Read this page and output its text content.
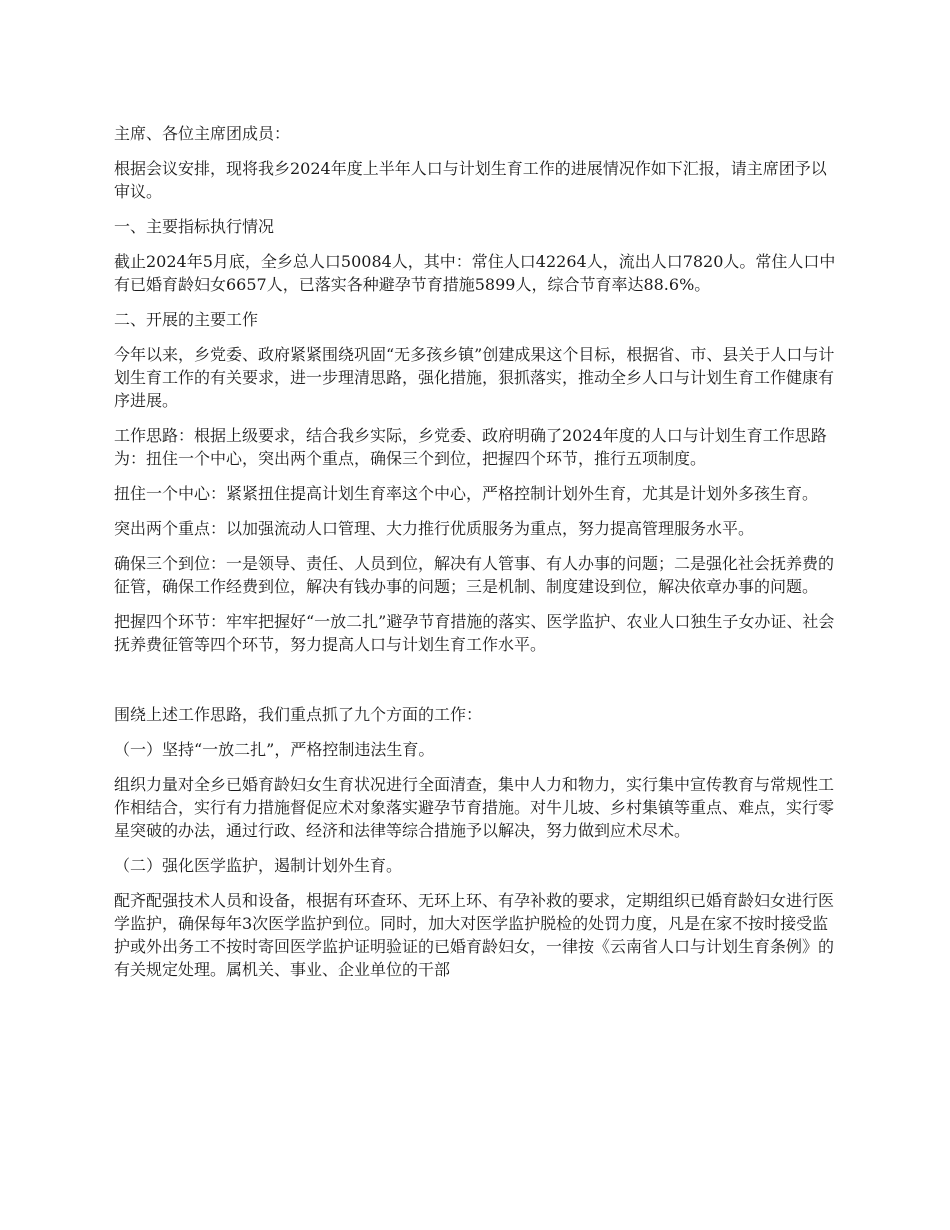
主席、各位主席团成员：

根据会议安排，现将我乡2024年度上半年人口与计划生育工作的进展情况作如下汇报，请主席团予以审议。

一、主要指标执行情况

截止2024年5月底，全乡总人口50084人，其中：常住人口42264人，流出人口7820人。常住人口中有已婚育龄妇女6657人，已落实各种避孕节育措施5899人，综合节育率达88.6%。

二、开展的主要工作

今年以来，乡党委、政府紧紧围绕巩固“无多孩乡镇”创建成果这个目标，根据省、市、县关于人口与计划生育工作的有关要求，进一步理清思路，强化措施，狠抓落实，推动全乡人口与计划生育工作健康有序进展。

工作思路：根据上级要求，结合我乡实际，乡党委、政府明确了2024年度的人口与计划生育工作思路为：扭住一个中心，突出两个重点，确保三个到位，把握四个环节，推行五项制度。

扭住一个中心：紧紧扭住提高计划生育率这个中心，严格控制计划外生育，尤其是计划外多孩生育。

突出两个重点：以加强流动人口管理、大力推行优质服务为重点，努力提高管理服务水平。

确保三个到位：一是领导、责任、人员到位，解决有人管事、有人办事的问题；二是强化社会抚养费的征管，确保工作经费到位，解决有钱办事的问题；三是机制、制度建设到位，解决依章办事的问题。

把握四个环节：牢牢把握好“一放二扎”避孕节育措施的落实、医学监护、农业人口独生子女办证、社会抚养费征管等四个环节，努力提高人口与计划生育工作水平。

围绕上述工作思路，我们重点抓了九个方面的工作：

（一）坚持“一放二扎”，严格控制违法生育。

组织力量对全乡已婚育龄妇女生育状况进行全面清查，集中人力和物力，实行集中宣传教育与常规性工作相结合，实行有力措施督促应术对象落实避孕节育措施。对牛儿坡、乡村集镇等重点、难点，实行零星突破的办法，通过行政、经济和法律等综合措施予以解决，努力做到应术尽术。

（二）强化医学监护，遏制计划外生育。

配齐配强技术人员和设备，根据有环查环、无环上环、有孕补救的要求，定期组织已婚育龄妇女进行医学监护，确保每年3次医学监护到位。同时，加大对医学监护脱检的处罚力度，凡是在家不按时接受监护或外出务工不按时寄回医学监护证明验证的已婚育龄妇女，一律按《云南省人口与计划生育条例》的有关规定处理。属机关、事业、企业单位的干部
